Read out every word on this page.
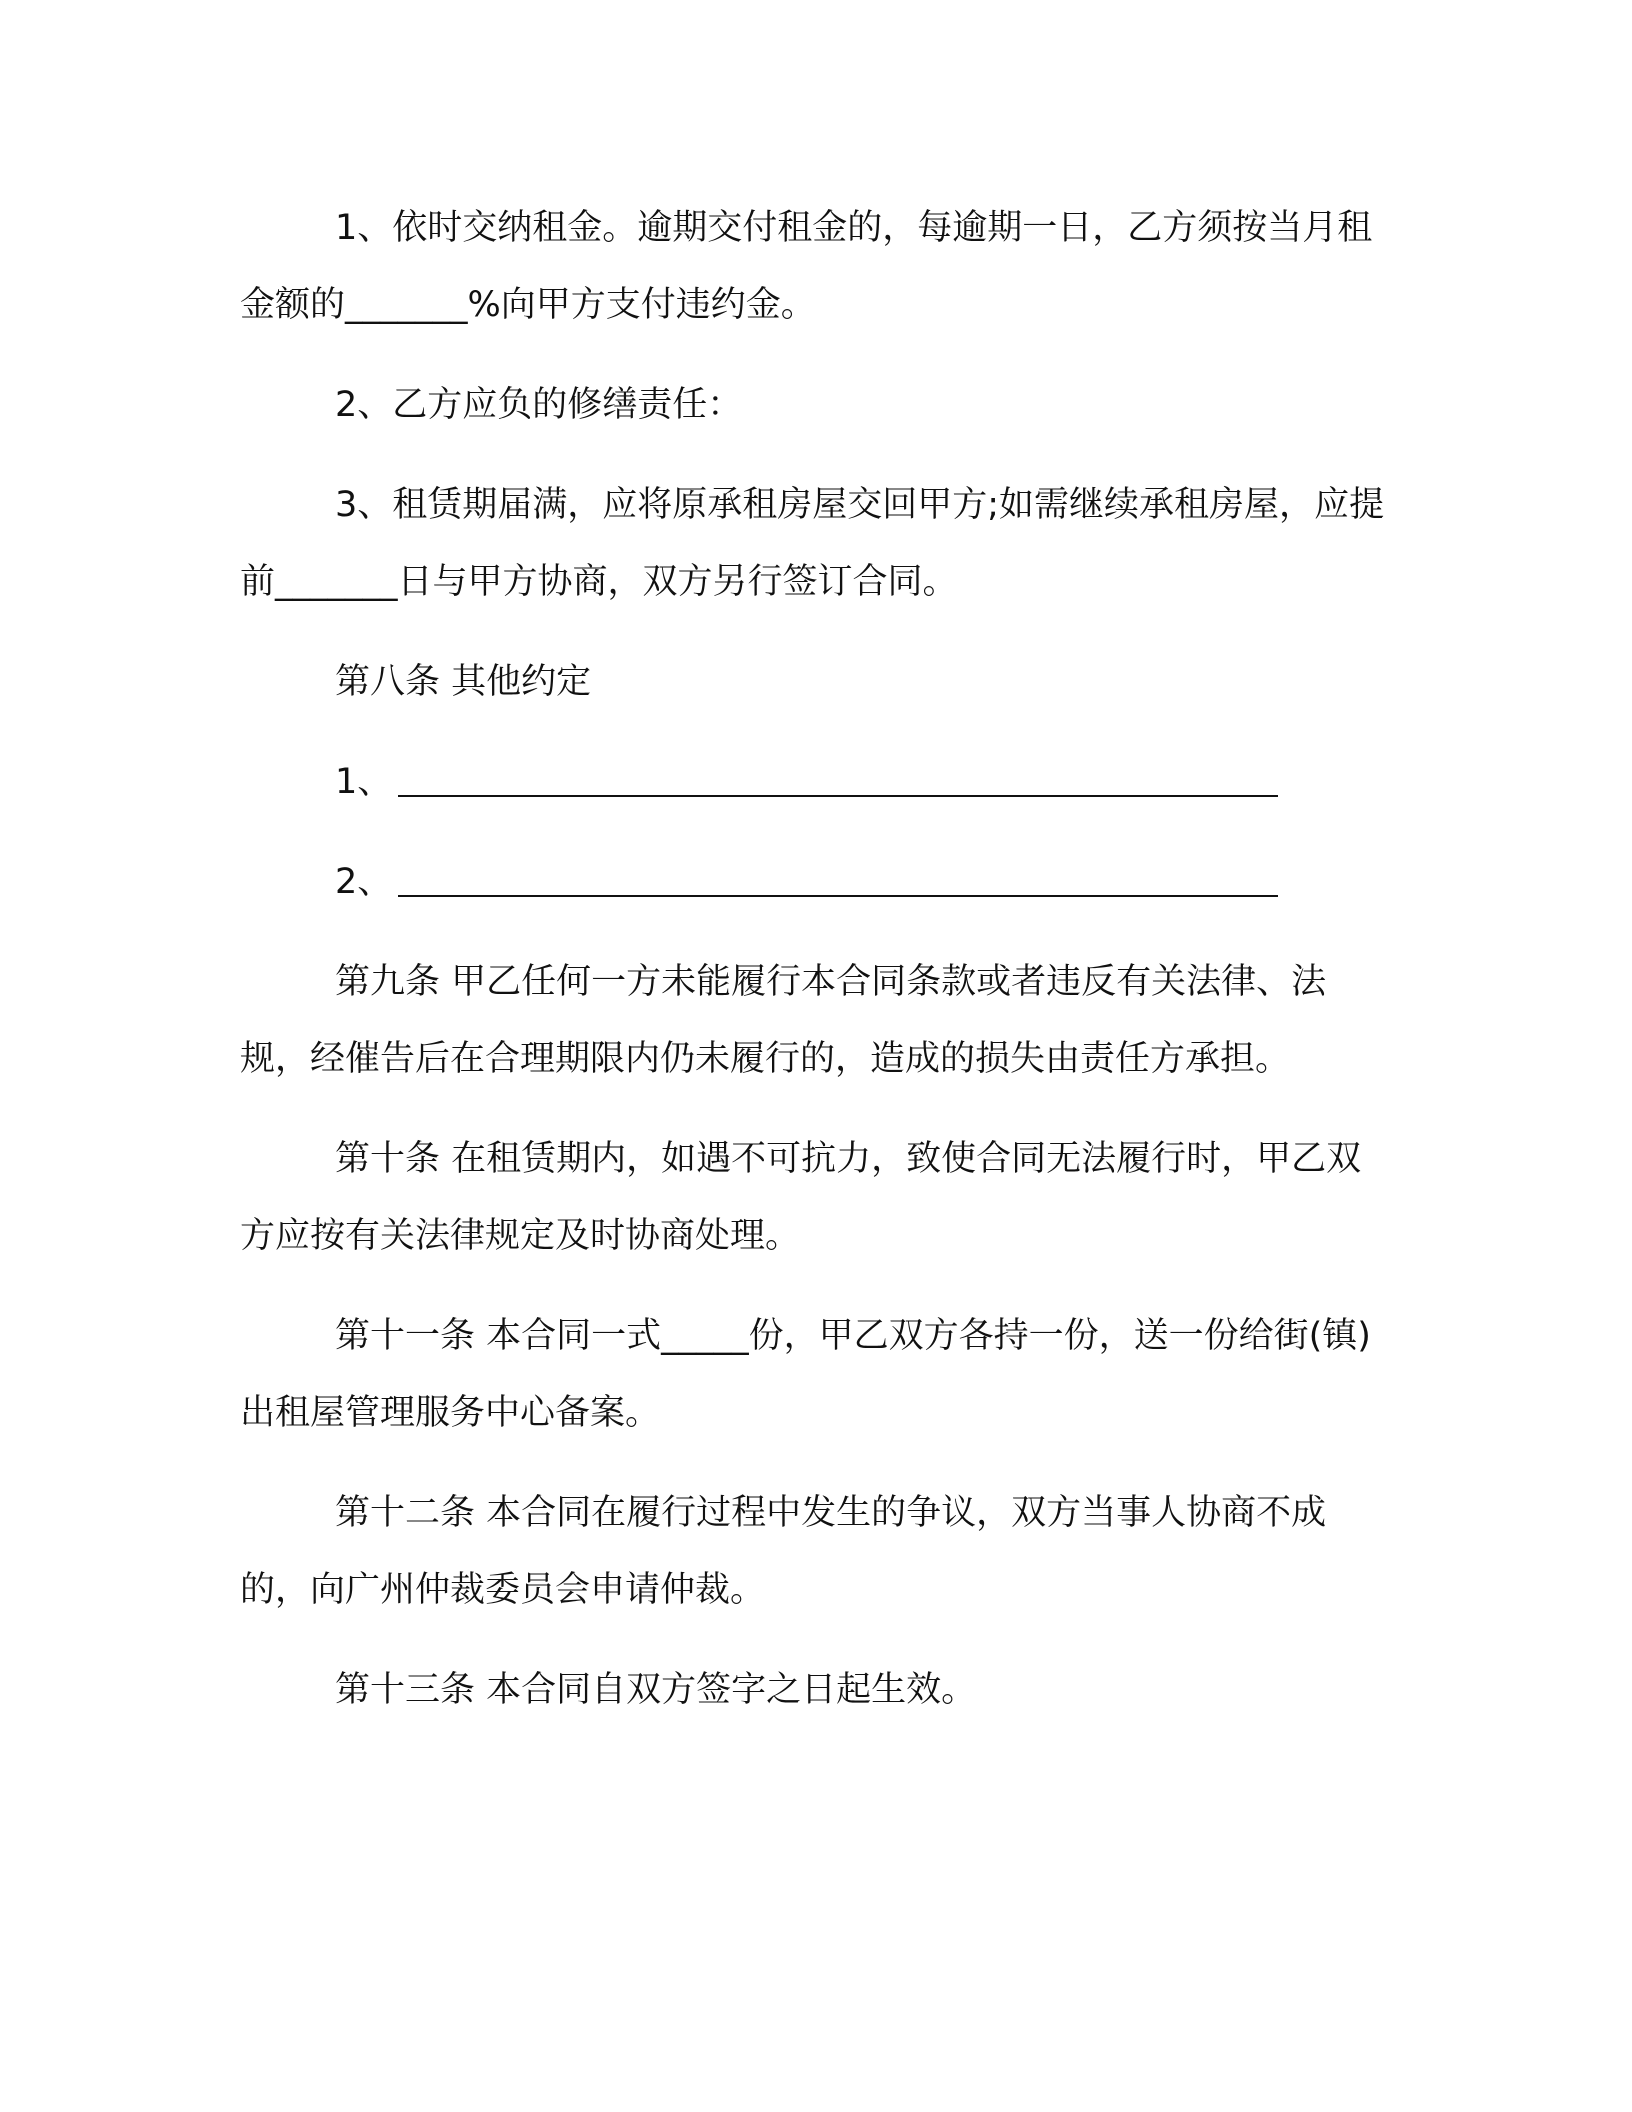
1、依时交纳租金。逾期交付租金的，每逾期一日，乙方须按当月租金额的_______%向甲方支付违约金。

2、乙方应负的修缮责任：

3、租赁期届满，应将原承租房屋交回甲方;如需继续承租房屋，应提前_______日与甲方协商，双方另行签订合同。

第八条 其他约定

1、

2、

第九条 甲乙任何一方未能履行本合同条款或者违反有关法律、法规，经催告后在合理期限内仍未履行的，造成的损失由责任方承担。

第十条 在租赁期内，如遇不可抗力，致使合同无法履行时，甲乙双方应按有关法律规定及时协商处理。

第十一条 本合同一式_____份，甲乙双方各持一份，送一份给街(镇)出租屋管理服务中心备案。

第十二条 本合同在履行过程中发生的争议，双方当事人协商不成的，向广州仲裁委员会申请仲裁。

第十三条 本合同自双方签字之日起生效。
